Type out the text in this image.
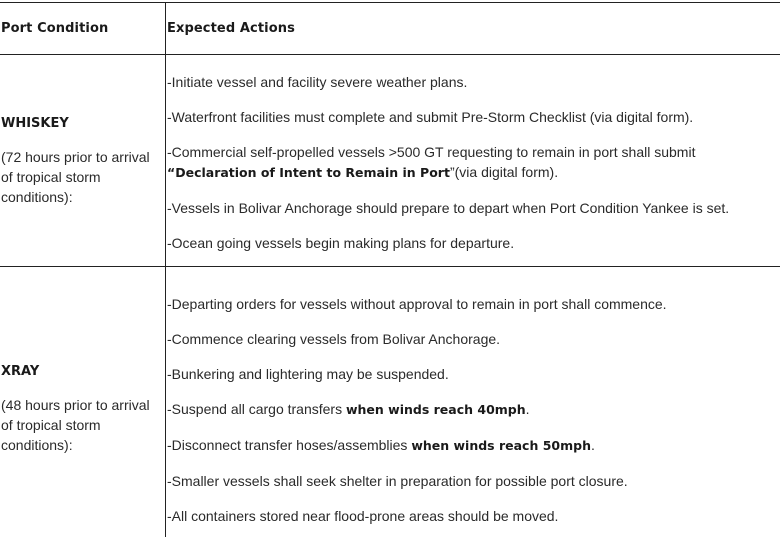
Port Condition	Expected Actions
WHISKEY
(72 hours prior to arrival of tropical storm conditions):

-Initiate vessel and facility severe weather plans.

-Waterfront facilities must complete and submit Pre-Storm Checklist (via digital form).

-Commercial self-propelled vessels >500 GT requesting to remain in port shall submit “Declaration of Intent to Remain in Port”(via digital form).

-Vessels in Bolivar Anchorage should prepare to depart when Port Condition Yankee is set.

-Ocean going vessels begin making plans for departure.

XRAY
(48 hours prior to arrival of tropical storm conditions):

-Departing orders for vessels without approval to remain in port shall commence.

-Commence clearing vessels from Bolivar Anchorage.

-Bunkering and lightering may be suspended.

-Suspend all cargo transfers when winds reach 40mph.

-Disconnect transfer hoses/assemblies when winds reach 50mph.

-Smaller vessels shall seek shelter in preparation for possible port closure.

-All containers stored near flood-prone areas should be moved.
